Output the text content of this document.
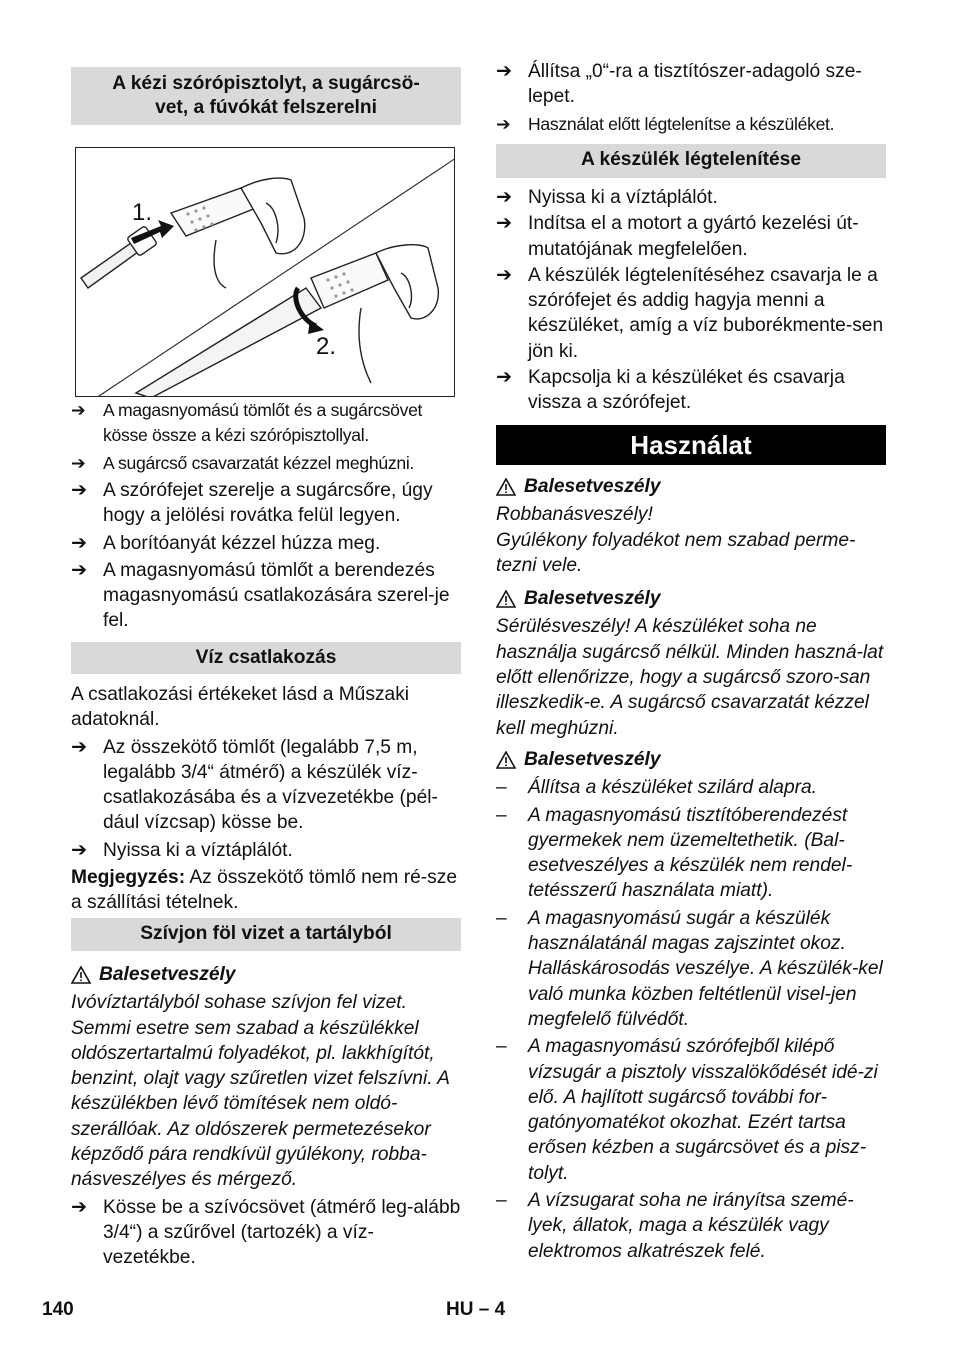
A kézi szórópisztolyt, a sugárcsö-
vet, a fúvókát felszerelni
1.
2.
➔ A magasnyomású tömlőt és a sugárcsövet kösse össze a kézi szórópisztollyal.
➔ A sugárcső csavarzatát kézzel meghúzni.
➔ A szórófejet szerelje a sugárcsőre, úgy hogy a jelölési rovátka felül legyen.
➔ A borítóanyát kézzel húzza meg.
➔ A magasnyomású tömlőt a berendezés magasnyomású csatlakozására szerel-je fel.
Víz csatlakozás

A csatlakozási értékeket lásd a Műszaki adatoknál.

➔ Az összekötő tömlőt (legalább 7,5 m, legalább 3/4“ átmérő) a készülék víz-csatlakozásába és a vízvezetékbe (pél-dául vízcsap) kösse be.
➔ Nyissa ki a víztáplálót.

Megjegyzés: Az összekötő tömlő nem ré-sze a szállítási tételnek.

Szívjon föl vizet a tartályból
Balesetveszély

Ivóvíztartályból sohase szívjon fel vizet. Semmi esetre sem szabad a készülékkel oldószertartalmú folyadékot, pl. lakkhígítót, benzint, olajt vagy szűretlen vizet felszívni. A készülékben lévő tömítések nem oldó-szerállóak. Az oldószerek permetezésekor képződő pára rendkívül gyúlékony, robba-násveszélyes és mérgező.

➔ Kösse be a szívócsövet (átmérő leg-alább 3/4“) a szűrővel (tartozék) a víz-vezetékbe.
➔ Állítsa „0“-ra a tisztítószer-adagoló sze-lepet.
➔ Használat előtt légtelenítse a készüléket.
A készülék légtelenítése
➔ Nyissa ki a víztáplálót.
➔ Indítsa el a motort a gyártó kezelési út-mutatójának megfelelően.
➔ A készülék légtelenítéséhez csavarja le a szórófejet és addig hagyja menni a készüléket, amíg a víz buborékmente-sen jön ki.
➔ Kapcsolja ki a készüléket és csavarja vissza a szórófejet.
Használat
Balesetveszély

Robbanásveszély!
Gyúlékony folyadékot nem szabad perme-tezni vele.

Balesetveszély

Sérülésveszély! A készüléket soha ne használja sugárcső nélkül. Minden haszná-lat előtt ellenőrizze, hogy a sugárcső szoro-san illeszkedik-e. A sugárcső csavarzatát kézzel kell meghúzni.

Balesetveszély
– Állítsa a készüléket szilárd alapra.
– A magasnyomású tisztítóberendezést gyermekek nem üzemeltethetik. (Bal-esetveszélyes a készülék nem rendel-tetésszerű használata miatt).
– A magasnyomású sugár a készülék használatánál magas zajszintet okoz. Halláskárosodás veszélye. A készülék-kel való munka közben feltétlenül visel-jen megfelelő fülvédőt.
– A magasnyomású szórófejből kilépő vízsugár a pisztoly visszalökődését idé-zi elő. A hajlított sugárcső további for-gatónyomatékot okozhat. Ezért tartsa erősen kézben a sugárcsövet és a pisz-tolyt.
– A vízsugarat soha ne irányítsa szemé-lyek, állatok, maga a készülék vagy elektromos alkatrészek felé.
140	HU – 4
